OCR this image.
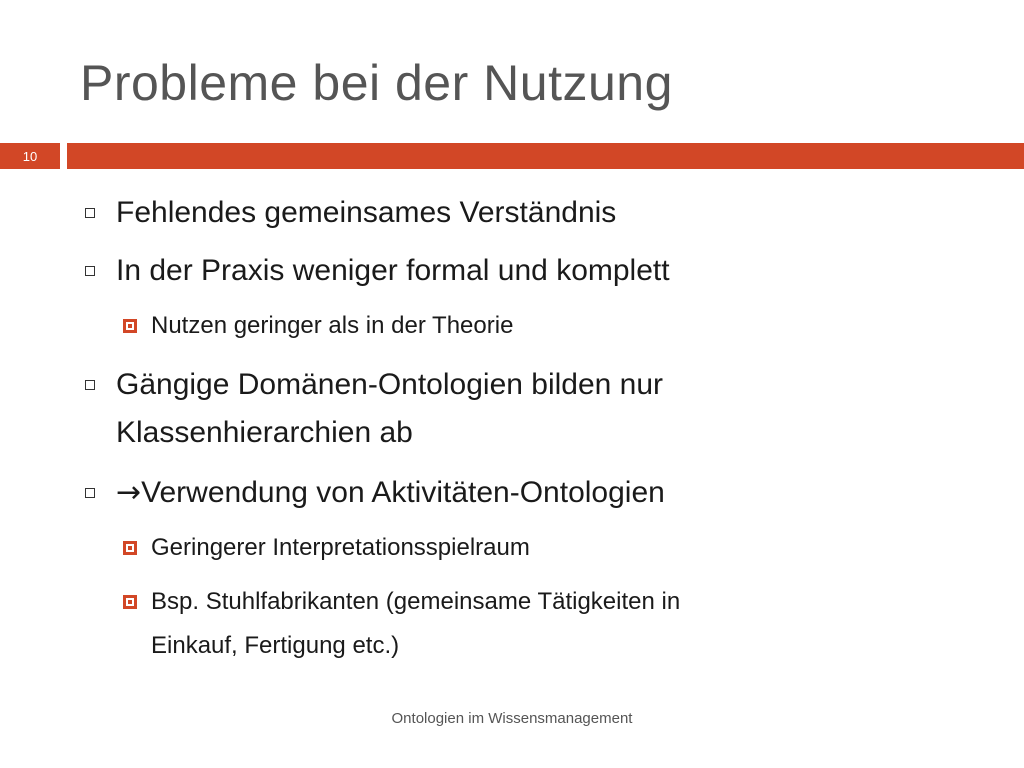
Probleme bei der Nutzung
10
Fehlendes gemeinsames Verständnis
In der Praxis weniger formal und komplett
Nutzen geringer als in der Theorie
Gängige Domänen-Ontologien bilden nur
Klassenhierarchien ab
→Verwendung von Aktivitäten-Ontologien
Geringerer Interpretationsspielraum
Bsp. Stuhlfabrikanten (gemeinsame Tätigkeiten in
Einkauf, Fertigung etc.)
Ontologien im Wissensmanagement
